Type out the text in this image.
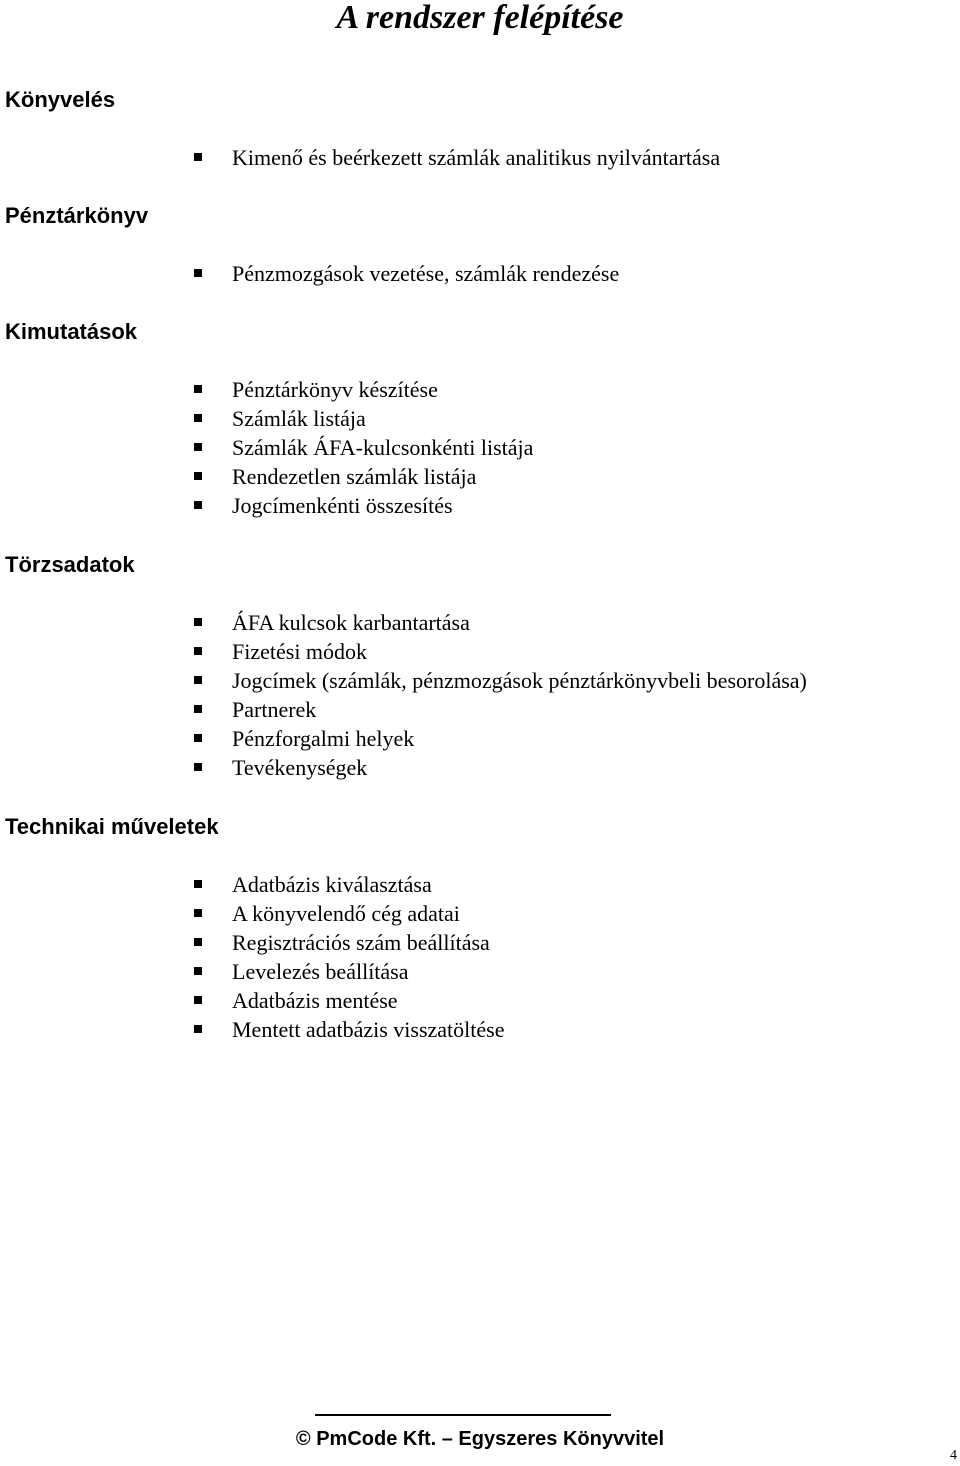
A rendszer felépítése
Könyvelés
Kimenő és beérkezett számlák analitikus nyilvántartása
Pénztárkönyv
Pénzmozgások vezetése, számlák rendezése
Kimutatások
Pénztárkönyv készítése
Számlák listája
Számlák ÁFA-kulcsonkénti listája
Rendezetlen számlák listája
Jogcímenkénti összesítés
Törzsadatok
ÁFA kulcsok karbantartása
Fizetési módok
Jogcímek (számlák, pénzmozgások pénztárkönyvbeli besorolása)
Partnerek
Pénzforgalmi helyek
Tevékenységek
Technikai műveletek
Adatbázis kiválasztása
A könyvelendő cég adatai
Regisztrációs szám beállítása
Levelezés beállítása
Adatbázis mentése
Mentett adatbázis visszatöltése
© PmCode Kft. – Egyszeres Könyvvitel
4
